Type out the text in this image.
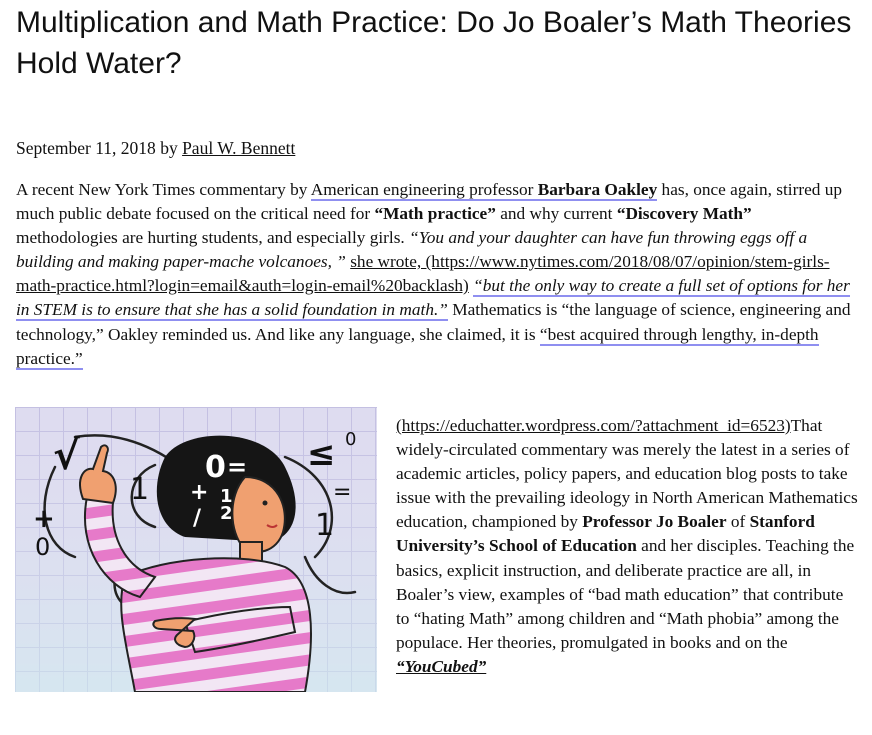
Multiplication and Math Practice: Do Jo Boaler’s Math Theories Hold Water?
September 11, 2018 by Paul W. Bennett

A recent New York Times commentary by American engineering professor Barbara Oakley has, once again, stirred up much public debate focused on the critical need for “Math practice” and why current “Discovery Math” methodologies are hurting students, and especially girls. “You and your daughter can have fun throwing eggs off a building and making paper-mache volcanoes, ” she wrote, (https://www.nytimes.com/2018/08/07/opinion/stem-girls-math-practice.html?login=email&auth=login-email%20backlash) “but the only way to create a full set of options for her in STEM is to ensure that she has a solid foundation in math.” Mathematics is “the language of science, engineering and technology,” Oakley reminded us. And like any language, she claimed, it is “best acquired through lengthy, in-depth practice.”

√
1
+
0
≤ 0
=
1
0 =
+ 1
2
/

(https://educhatter.wordpress.com/?attachment_id=6523)That widely-circulated commentary was merely the latest in a series of academic articles, policy papers, and education blog posts to take issue with the prevailing ideology in North American Mathematics education, championed by Professor Jo Boaler of Stanford University’s School of Education and her disciples. Teaching the basics, explicit instruction, and deliberate practice are all, in Boaler’s view, examples of “bad math education” that contribute to “hating Math” among children and “Math phobia” among the populace. Her theories, promulgated in books and on the “YouCubed”
